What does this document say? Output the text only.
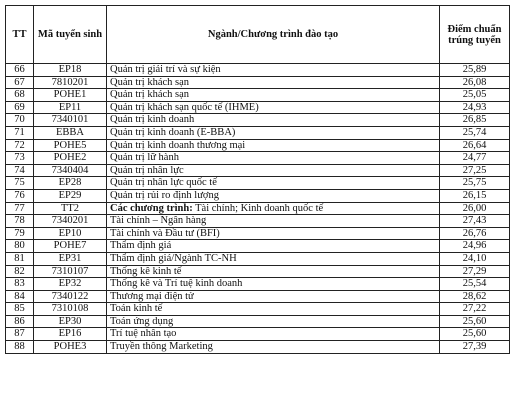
TT	Mã tuyển sinh	Ngành/Chương trình đào tạo	Điểm chuẩn trúng tuyển
66	EP18	Quản trị giải trí và sự kiện	25,89
67	7810201	Quản trị khách sạn	26,08
68	POHE1	Quản trị khách sạn	25,05
69	EP11	Quản trị khách sạn quốc tế (IHME)	24,93
70	7340101	Quản trị kinh doanh	26,85
71	EBBA	Quản trị kinh doanh (E-BBA)	25,74
72	POHE5	Quản trị kinh doanh thương mại	26,64
73	POHE2	Quản trị lữ hành	24,77
74	7340404	Quản trị nhân lực	27,25
75	EP28	Quản trị nhân lực quốc tế	25,75
76	EP29	Quản trị rủi ro định lượng	26,15
77	TT2	Các chương trình: Tài chính; Kinh doanh quốc tế	26,00
78	7340201	Tài chính – Ngân hàng	27,43
79	EP10	Tài chính và Đầu tư (BFI)	26,76
80	POHE7	Thẩm định giá	24,96
81	EP31	Thẩm định giá/Ngành TC-NH	24,10
82	7310107	Thống kê kinh tế	27,29
83	EP32	Thống kê và Trí tuệ kinh doanh	25,54
84	7340122	Thương mại điện tử	28,62
85	7310108	Toán kinh tế	27,22
86	EP30	Toán ứng dụng	25,60
87	EP16	Trí tuệ nhân tạo	25,60
88	POHE3	Truyền thông Marketing	27,39
